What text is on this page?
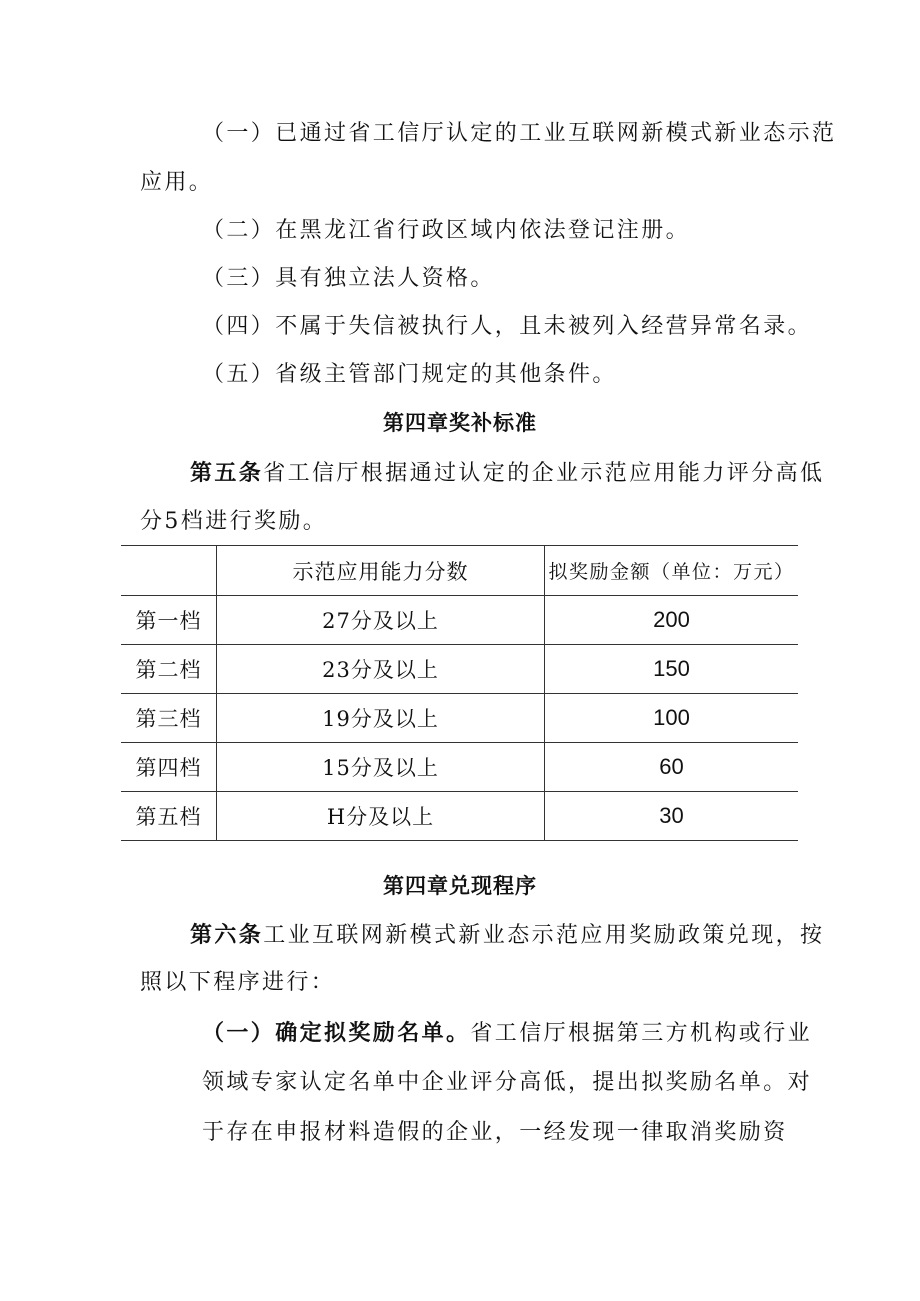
（一）已通过省工信厅认定的工业互联网新模式新业态示范

应用。

（二）在黑龙江省行政区域内依法登记注册。

（三）具有独立法人资格。

（四）不属于失信被执行人，且未被列入经营异常名录。

（五）省级主管部门规定的其他条件。

第四章奖补标准

第五条省工信厅根据通过认定的企业示范应用能力评分高低

分5档进行奖励。

	示范应用能力分数	拟奖励金额（单位：万元）
第一档	27分及以上	200
第二档	23分及以上	150
第三档	19分及以上	100
第四档	15分及以上	60
第五档	H分及以上	30
第四章兑现程序

第六条工业互联网新模式新业态示范应用奖励政策兑现，按

照以下程序进行：

（一）确定拟奖励名单。省工信厅根据第三方机构或行业

领域专家认定名单中企业评分高低，提出拟奖励名单。对

于存在申报材料造假的企业，一经发现一律取消奖励资
